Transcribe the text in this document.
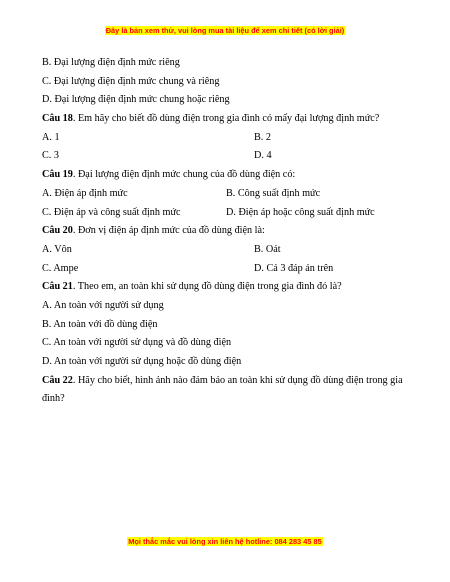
Đây là bản xem thử, vui lòng mua tài liệu để xem chi tiết (có lời giải)
B. Đại lượng điện định mức riêng
C. Đại lượng điện định mức chung và riêng
D. Đại lượng điện định mức chung hoặc riêng
Câu 18. Em hãy cho biết đồ dùng điện trong gia đình có mấy đại lượng định mức?
A. 1	B. 2
C. 3	D. 4
Câu 19. Đại lượng điện định mức chung của đồ dùng điện có:
A. Điện áp định mức	B. Công suất định mức
C. Điện áp và công suất định mức	D. Điện áp hoặc công suất định mức
Câu 20. Đơn vị điện áp định mức của đồ dùng điện là:
A. Vôn	B. Oát
C. Ampe	D. Cả 3 đáp án trên
Câu 21. Theo em, an toàn khi sử dụng đồ dùng điện trong gia đình đó là?
A. An toàn với người sử dụng
B. An toàn với đồ dùng điện
C. An toàn với người sử dụng và đồ dùng điện
D. An toàn với người sử dụng hoặc đồ dùng điện
Câu 22. Hãy cho biết, hình ảnh nào đảm bảo an toàn khi sử dụng đồ dùng điện trong gia đình?
Mọi thắc mắc vui lòng xin liên hệ hotline: 084 283 45 85
